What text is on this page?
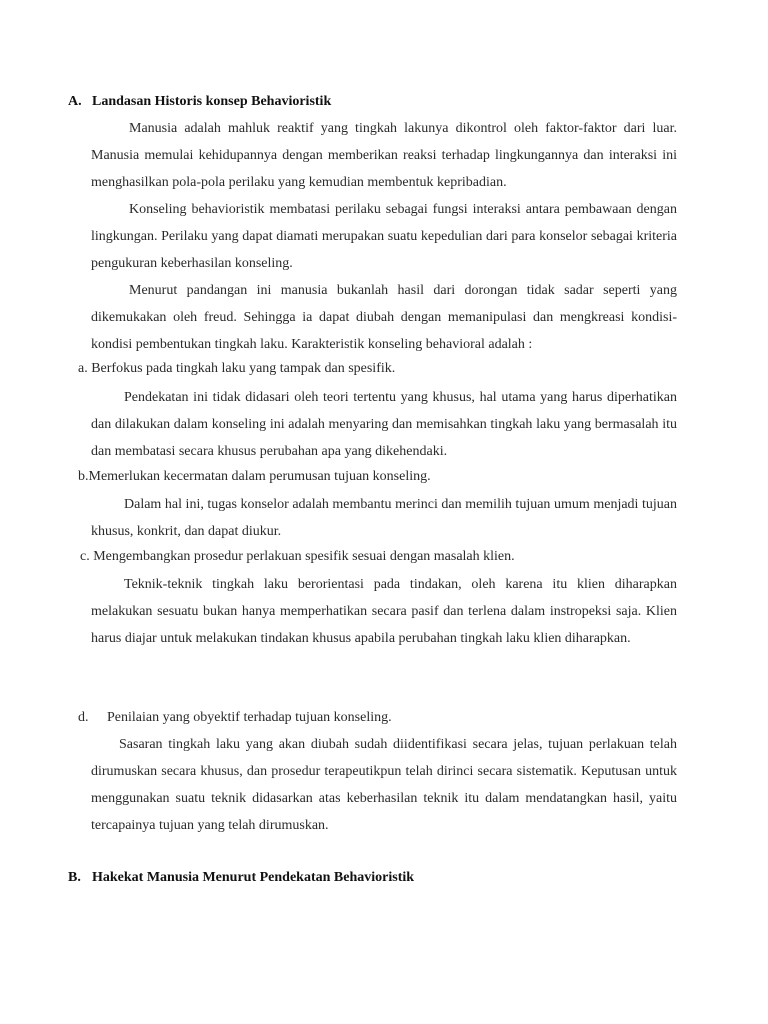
A. Landasan Historis konsep Behavioristik

Manusia adalah mahluk reaktif yang tingkah lakunya dikontrol oleh faktor-faktor dari luar. Manusia memulai kehidupannya dengan memberikan reaksi terhadap lingkungannya dan interaksi ini menghasilkan pola-pola perilaku yang kemudian membentuk kepribadian.

Konseling behavioristik membatasi perilaku sebagai fungsi interaksi antara pembawaan dengan lingkungan. Perilaku yang dapat diamati merupakan suatu kepedulian dari para konselor sebagai kriteria pengukuran keberhasilan konseling.

Menurut pandangan ini manusia bukanlah hasil dari dorongan tidak sadar seperti yang dikemukakan oleh freud. Sehingga ia dapat diubah dengan memanipulasi dan mengkreasi kondisi-kondisi pembentukan tingkah laku. Karakteristik konseling behavioral adalah :

a. Berfokus pada tingkah laku yang tampak dan spesifik.

Pendekatan ini tidak didasari oleh teori tertentu yang khusus, hal utama yang harus diperhatikan dan dilakukan dalam konseling ini adalah menyaring dan memisahkan tingkah laku yang bermasalah itu dan membatasi secara khusus perubahan apa yang dikehendaki.

b.Memerlukan kecermatan dalam perumusan tujuan konseling.

Dalam hal ini, tugas konselor adalah membantu merinci dan memilih tujuan umum menjadi tujuan khusus, konkrit, dan dapat diukur.

c. Mengembangkan prosedur perlakuan spesifik sesuai dengan masalah klien.

Teknik-teknik tingkah laku berorientasi pada tindakan, oleh karena itu klien diharapkan melakukan sesuatu bukan hanya memperhatikan secara pasif dan terlena dalam instropeksi saja. Klien harus diajar untuk melakukan tindakan khusus apabila perubahan tingkah laku klien diharapkan.

d. Penilaian yang obyektif terhadap tujuan konseling.

Sasaran tingkah laku yang akan diubah sudah diidentifikasi secara jelas, tujuan perlakuan telah dirumuskan secara khusus, dan prosedur terapeutikpun telah dirinci secara sistematik. Keputusan untuk menggunakan suatu teknik didasarkan atas keberhasilan teknik itu dalam mendatangkan hasil, yaitu tercapainya tujuan yang telah dirumuskan.

B. Hakekat Manusia Menurut Pendekatan Behavioristik
